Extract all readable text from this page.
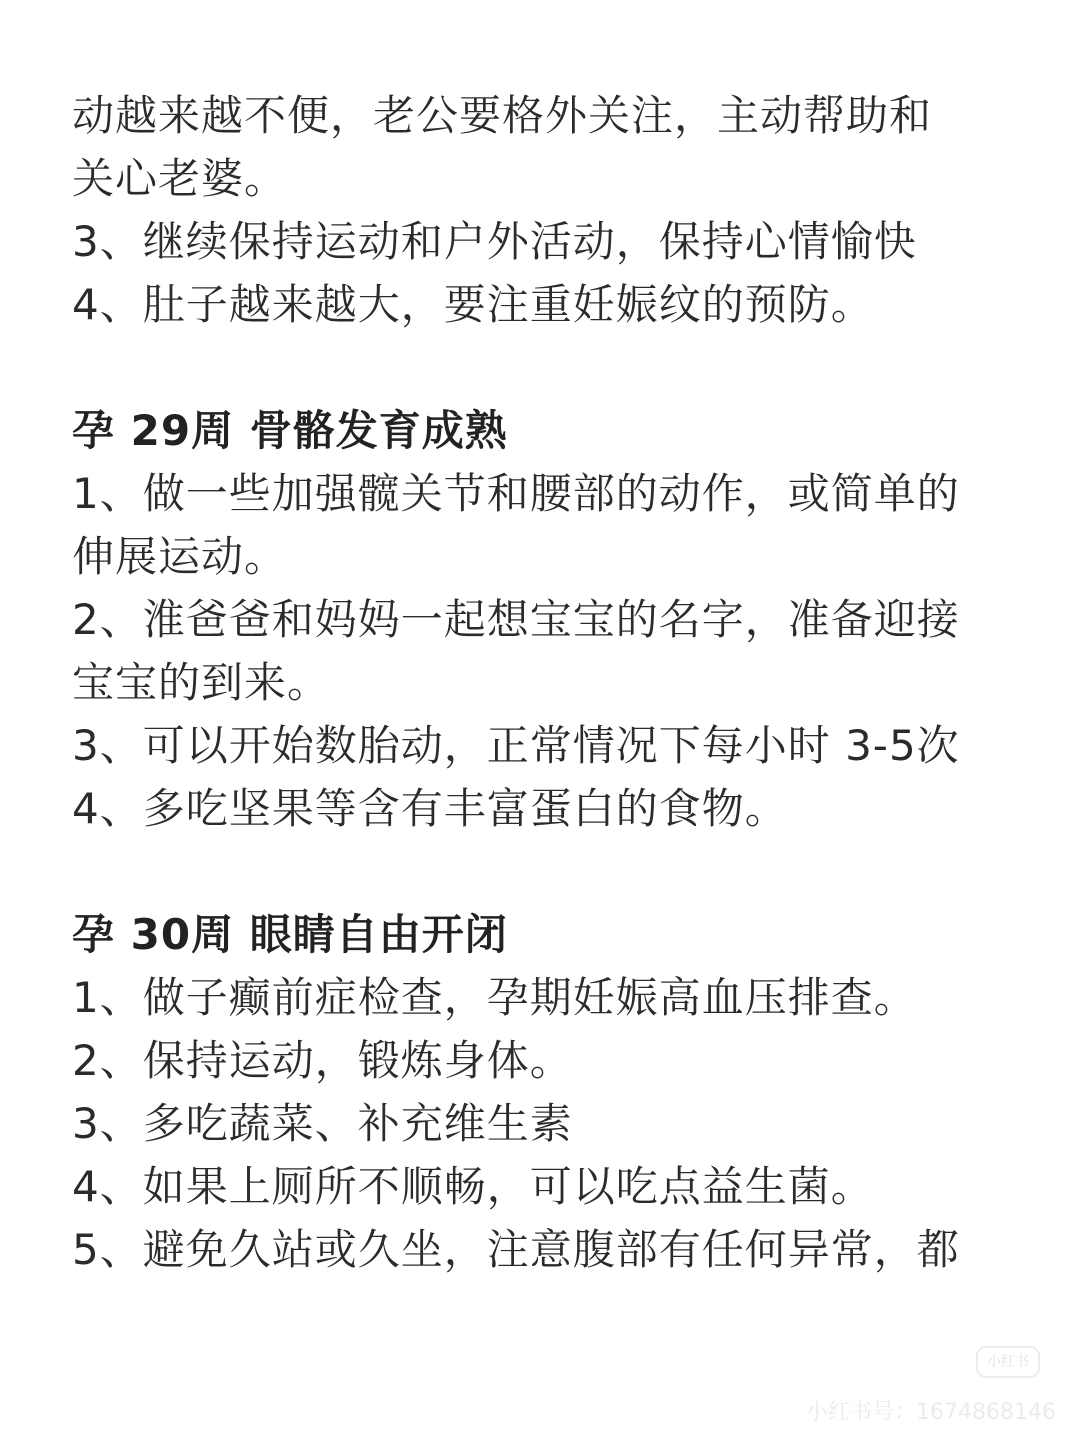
动越来越不便，老公要格外关注，主动帮助和
关心老婆。
3、继续保持运动和户外活动，保持心情愉快
4、肚子越来越大，要注重妊娠纹的预防。
孕 29周 骨骼发育成熟
1、做一些加强髋关节和腰部的动作，或简单的
伸展运动。
2、淮爸爸和妈妈一起想宝宝的名字，准备迎接
宝宝的到来。
3、可以开始数胎动，正常情况下每小时 3-5次
4、多吃坚果等含有丰富蛋白的食物。
孕 30周 眼睛自由开闭
1、做子癫前症检查，孕期妊娠高血压排查。
2、保持运动，锻炼身体。
3、多吃蔬菜、补充维生素
4、如果上厕所不顺畅，可以吃点益生菌。
5、避免久站或久坐，注意腹部有任何异常，都
小红书
小红书号：1674868146
